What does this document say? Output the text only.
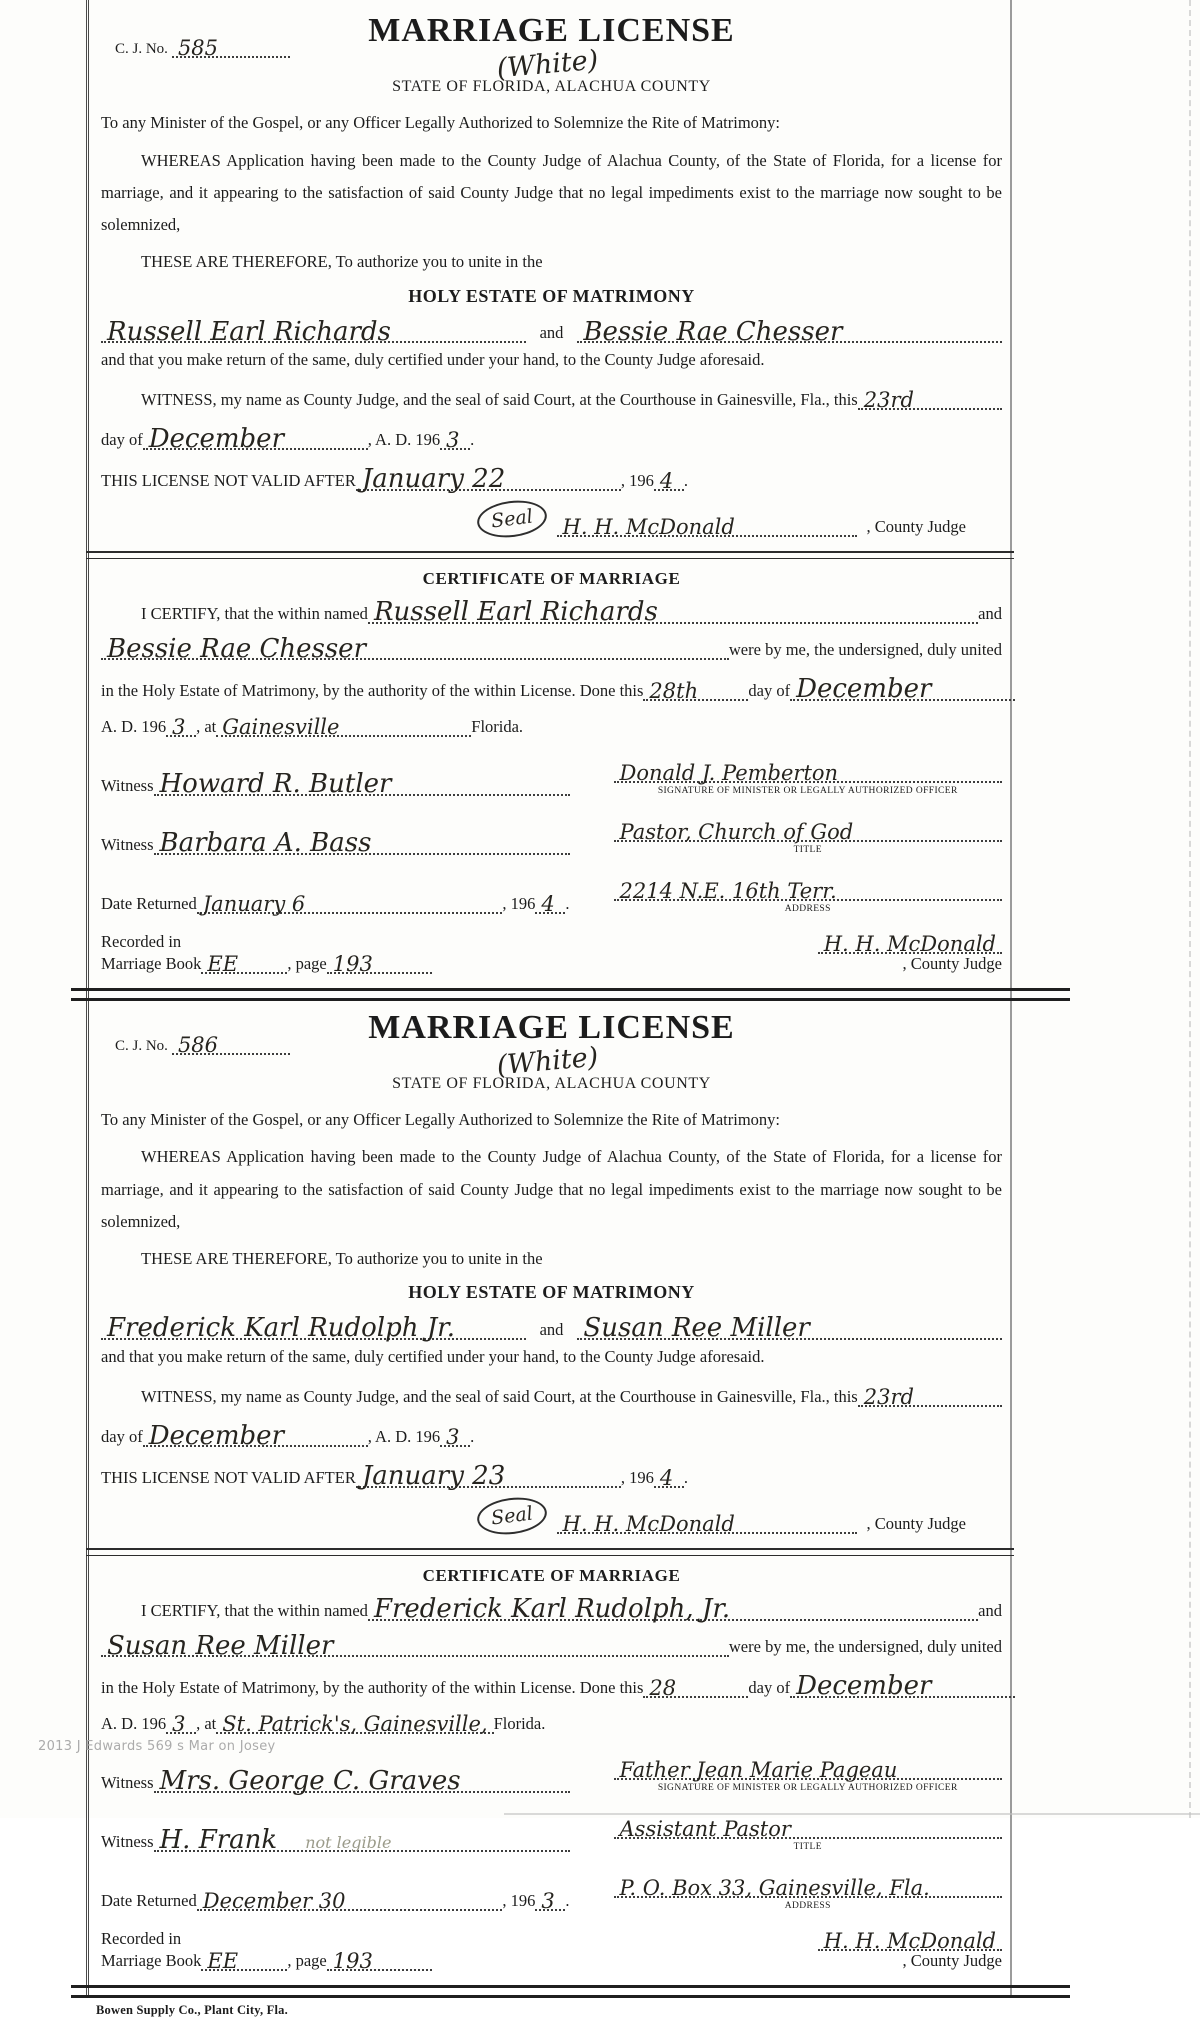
2013 J Edwards 569 s Mar on Josey
C. J. No. 585	MARRIAGE LICENSE
(White)
STATE OF FLORIDA, ALACHUA COUNTY

To any Minister of the Gospel, or any Officer Legally Authorized to Solemnize the Rite of Matrimony:

WHEREAS Application having been made to the County Judge of Alachua County, of the State of Florida, for a license for marriage, and it appearing to the satisfaction of said County Judge that no legal impediments exist to the marriage now sought to be solemnized,

THESE ARE THEREFORE, To authorize you to unite in the

HOLY ESTATE OF MATRIMONY
Russell Earl Richards	and Bessie Rae Chesser

and that you make return of the same, duly certified under your hand, to the County Judge aforesaid.

WITNESS, my name as County Judge, and the seal of said Court, at the Courthouse in Gainesville, Fla., this 23rd
day of December	, A. D. 196 3 .
THIS LICENSE NOT VALID AFTER January 22	, 196 4 .
Seal H. H. McDonald	, County Judge
CERTIFICATE OF MARRIAGE
I CERTIFY, that the within named Russell Earl Richards	and
Bessie Rae Chesser	were by me, the undersigned, duly united
in the Holy Estate of Matrimony, by the authority of the within License. Done this 28th	day of December
A. D. 196 3 , at Gainesville	Florida.
Witness Howard R. Butler	Donald J. Pemberton
SIGNATURE OF MINISTER OR LEGALLY AUTHORIZED OFFICER
Witness Barbara A. Bass	Pastor, Church of God
TITLE
Date Returned January 6	, 196 4 .
2214 N.E. 16th Terr.
ADDRESS
Recorded in
Marriage Book EE	, page 193
H. H. McDonald
, County Judge
C. J. No. 586	MARRIAGE LICENSE
(White)
STATE OF FLORIDA, ALACHUA COUNTY

To any Minister of the Gospel, or any Officer Legally Authorized to Solemnize the Rite of Matrimony:

WHEREAS Application having been made to the County Judge of Alachua County, of the State of Florida, for a license for marriage, and it appearing to the satisfaction of said County Judge that no legal impediments exist to the marriage now sought to be solemnized,

THESE ARE THEREFORE, To authorize you to unite in the

HOLY ESTATE OF MATRIMONY
Frederick Karl Rudolph Jr.	and Susan Ree Miller

and that you make return of the same, duly certified under your hand, to the County Judge aforesaid.

WITNESS, my name as County Judge, and the seal of said Court, at the Courthouse in Gainesville, Fla., this 23rd
day of December	, A. D. 196 3 .
THIS LICENSE NOT VALID AFTER January 23	, 196 4 .
Seal H. H. McDonald	, County Judge
CERTIFICATE OF MARRIAGE
I CERTIFY, that the within named Frederick Karl Rudolph, Jr.	and
Susan Ree Miller	were by me, the undersigned, duly united
in the Holy Estate of Matrimony, by the authority of the within License. Done this 28	day of December
A. D. 196 3 , at St. Patrick's, Gainesville, Florida.
Witness Mrs. George C. Graves	Father Jean Marie Pageau
SIGNATURE OF MINISTER OR LEGALLY AUTHORIZED OFFICER
Witness H. Frank not legible
Assistant Pastor
TITLE
Date Returned December 30	, 196 3 .
P. O. Box 33, Gainesville, Fla.
ADDRESS
Recorded in
Marriage Book EE	, page 193
H. H. McDonald
, County Judge
Bowen Supply Co., Plant City, Fla.
